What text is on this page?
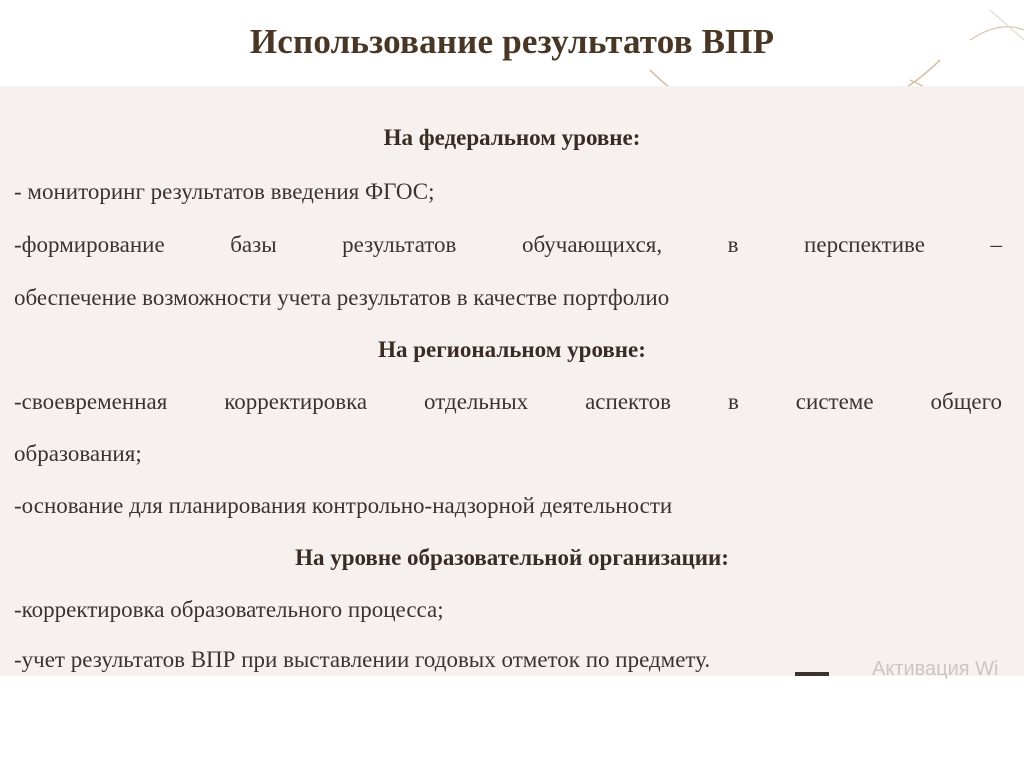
Использование результатов ВПР
На федеральном уровне:
- мониторинг результатов введения ФГОС;
-формирование базы результатов обучающихся, в перспективе –
обеспечение возможности учета результатов в качестве портфолио
На региональном уровне:
-своевременная корректировка отдельных аспектов в системе общего
образования;
-основание для планирования контрольно-надзорной деятельности
На уровне образовательной организации:
-корректировка образовательного процесса;
-учет результатов ВПР при выставлении годовых отметок по предмету.	Активация Wi
